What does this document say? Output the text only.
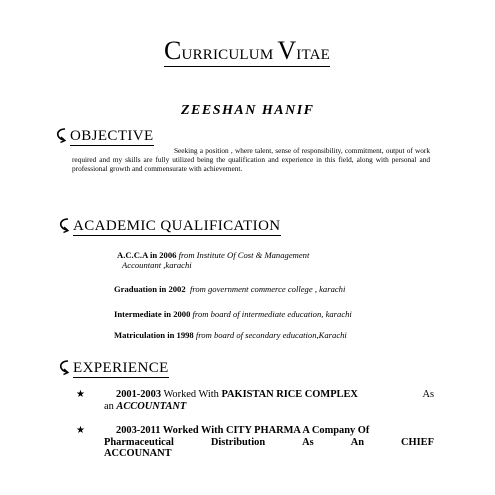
CURRICULUM VITAE
ZEESHAN HANIF
OBJECTIVE
Seeking a position , where talent, sense of responsibility, commitment, output of work required and my skills are fully utilized being the qualification and experience in this field, along with personal and professional growth and commensurate with achievement.
ACADEMIC QUALIFICATION
A.C.C.A in 2006 from Institute Of Cost & Management
Accountant ,karachi
Graduation in 2002 from government commerce college , karachi
Intermediate in 2000 from board of intermediate education, karachi
Matriculation in 1998 from board of secondary education,Karachi
EXPERIENCE
★	2001-2003 Worked With PAKISTAN RICE COMPLEX	As
an ACCOUNTANT
★	2003-2011 Worked With CITY PHARMA A Company Of
Pharmaceutical	Distribution	As	An	CHIEF
ACCOUNANT
